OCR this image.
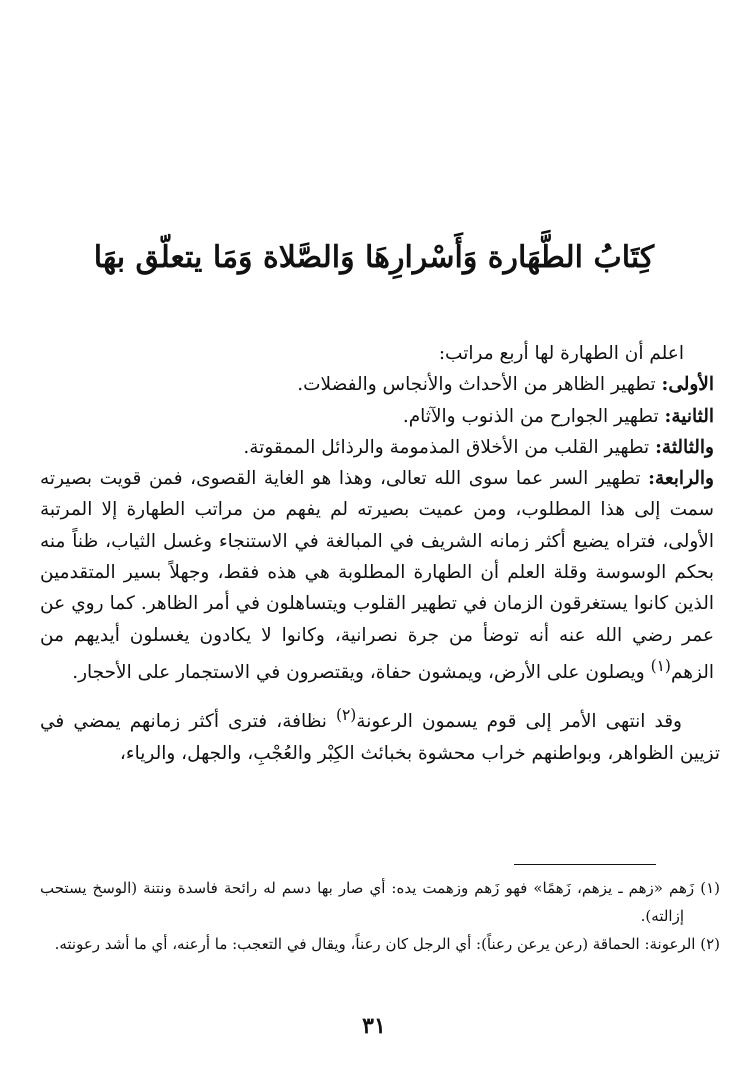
كِتَابُ الطَّهَارة وَأَسْرارِهَا وَالصَّلاة وَمَا يتعلّق بهَا

اعلم أن الطهارة لها أربع مراتب:

الأولى: تطهير الظاهر من الأحداث والأنجاس والفضلات.

الثانية: تطهير الجوارح من الذنوب والآثام.

والثالثة: تطهير القلب من الأخلاق المذمومة والرذائل الممقوتة.

والرابعة: تطهير السر عما سوى الله تعالى، وهذا هو الغاية القصوى، فمن قويت بصيرته سمت إلى هذا المطلوب، ومن عميت بصيرته لم يفهم من مراتب الطهارة إلا المرتبة الأولى، فتراه يضيع أكثر زمانه الشريف في المبالغة في الاستنجاء وغسل الثياب، ظناً منه بحكم الوسوسة وقلة العلم أن الطهارة المطلوبة هي هذه فقط، وجهلاً بسير المتقدمين الذين كانوا يستغرقون الزمان في تطهير القلوب ويتساهلون في أمر الظاهر. كما روي عن عمر رضي الله عنه أنه توضأ من جرة نصرانية، وكانوا لا يكادون يغسلون أيديهم من الزهم$^{(١)}$ ويصلون على الأرض، ويمشون حفاة، ويقتصرون في الاستجمار على الأحجار.

وقد انتهى الأمر إلى قوم يسمون الرعونة$^{(٢)}$ نظافة، فترى أكثر زمانهم يمضي في تزيين الظواهر، وبواطنهم خراب محشوة بخبائث الكِبْر والعُجْبِ، والجهل، والرياء،

(١) زَهم «زهم ـ يزهم، زَهمًا» فهو زَهم وزهمت يده: أي صار بها دسم له رائحة فاسدة ونتنة (الوسخ يستحب إزالته).

(٢) الرعونة: الحماقة (رعن يرعن رعناً): أي الرجل كان رعناً، ويقال في التعجب: ما أرعنه، أي ما أشد رعونته.

٣١
